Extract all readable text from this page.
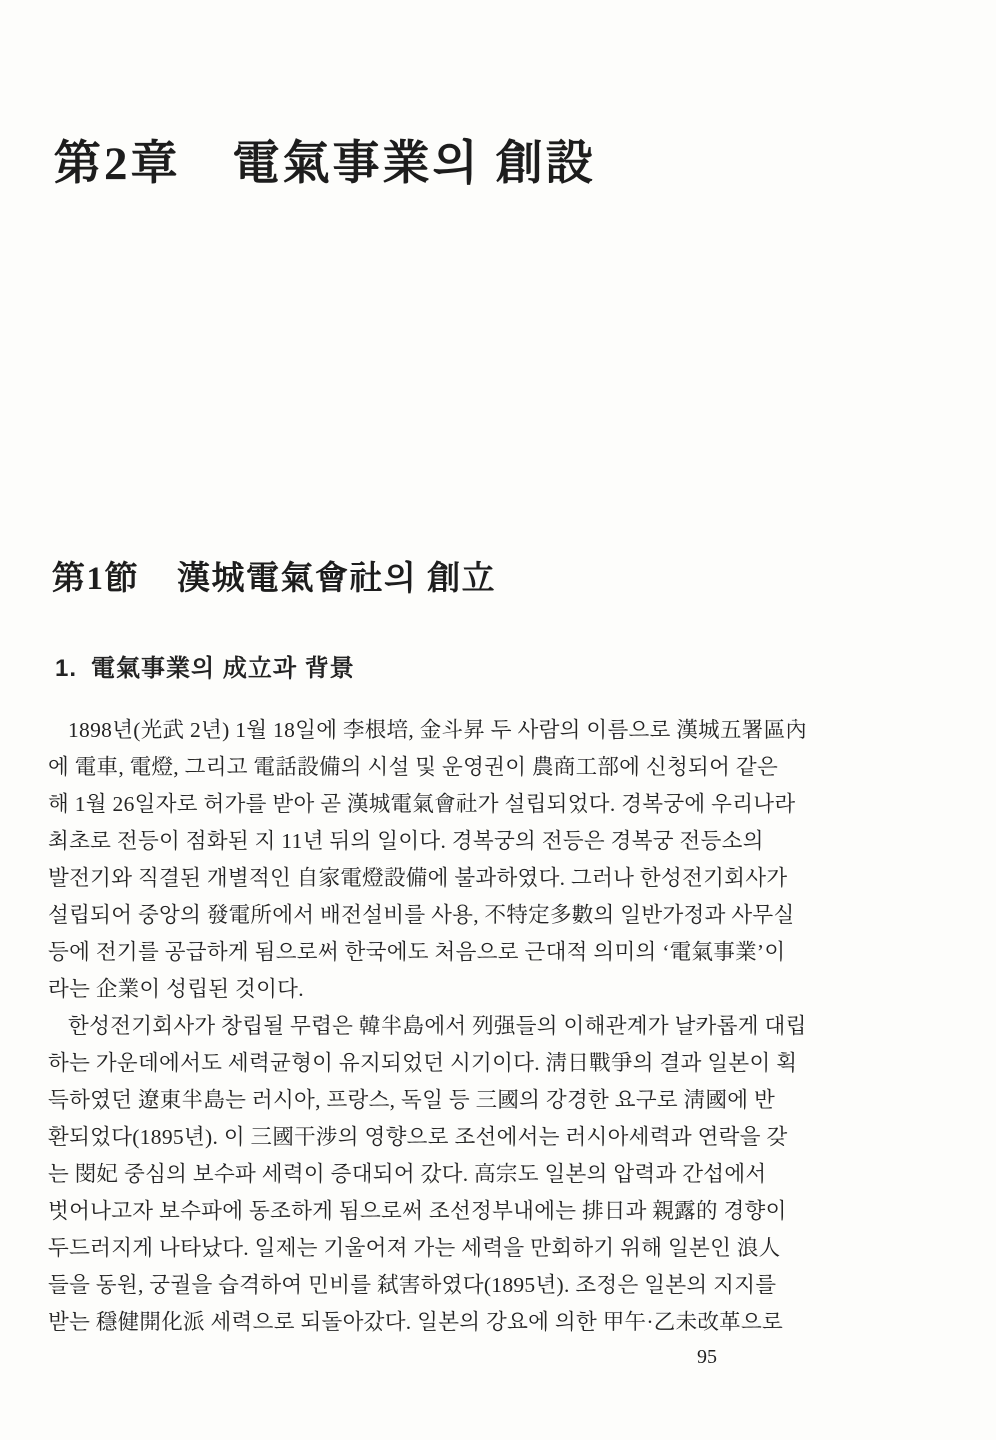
第2章 電氣事業의 創設
第1節 漢城電氣會社의 創立
1. 電氣事業의 成立과 背景
1898년(光武 2년) 1월 18일에 李根培, 金斗昇 두 사람의 이름으로 漢城五署區內
에 電車, 電燈, 그리고 電話設備의 시설 및 운영권이 農商工部에 신청되어 같은
해 1월 26일자로 허가를 받아 곧 漢城電氣會社가 설립되었다. 경복궁에 우리나라
최초로 전등이 점화된 지 11년 뒤의 일이다. 경복궁의 전등은 경복궁 전등소의
발전기와 직결된 개별적인 自家電燈設備에 불과하였다. 그러나 한성전기회사가
설립되어 중앙의 發電所에서 배전설비를 사용, 不特定多數의 일반가정과 사무실
등에 전기를 공급하게 됨으로써 한국에도 처음으로 근대적 의미의 ‘電氣事業’이
라는 企業이 성립된 것이다.
한성전기회사가 창립될 무렵은 韓半島에서 列强들의 이해관계가 날카롭게 대립
하는 가운데에서도 세력균형이 유지되었던 시기이다. 淸日戰爭의 결과 일본이 획
득하였던 遼東半島는 러시아, 프랑스, 독일 등 三國의 강경한 요구로 淸國에 반
환되었다(1895년). 이 三國干涉의 영향으로 조선에서는 러시아세력과 연락을 갖
는 閔妃 중심의 보수파 세력이 증대되어 갔다. 高宗도 일본의 압력과 간섭에서
벗어나고자 보수파에 동조하게 됨으로써 조선정부내에는 排日과 親露的 경향이
두드러지게 나타났다. 일제는 기울어져 가는 세력을 만회하기 위해 일본인 浪人
들을 동원, 궁궐을 습격하여 민비를 弑害하였다(1895년). 조정은 일본의 지지를
받는 穩健開化派 세력으로 되돌아갔다. 일본의 강요에 의한 甲午·乙未改革으로
95
